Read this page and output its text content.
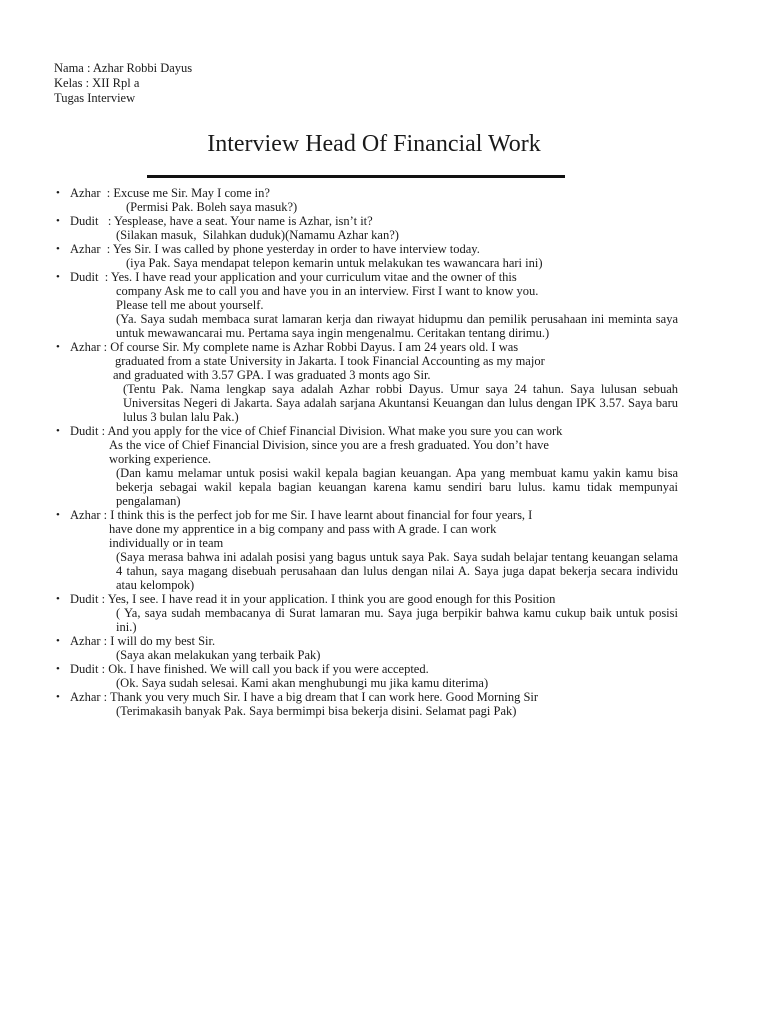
Nama : Azhar Robbi Dayus
Kelas : XII Rpl a
Tugas Interview
Interview Head Of Financial Work
• Azhar  : Excuse me Sir. May I come in?
(Permisi Pak. Boleh saya masuk?)
• Dudit   : Yesplease, have a seat. Your name is Azhar, isn’t it?
(Silakan masuk,  Silahkan duduk)(Namamu Azhar kan?)
• Azhar  : Yes Sir. I was called by phone yesterday in order to have interview today.
(iya Pak. Saya mendapat telepon kemarin untuk melakukan tes wawancara hari ini)
• Dudit  : Yes. I have read your application and your curriculum vitae and the owner of this
company Ask me to call you and have you in an interview. First I want to know you.
Please tell me about yourself.
(Ya. Saya sudah membaca surat lamaran kerja dan riwayat hidupmu dan pemilik perusahaan ini meminta saya untuk mewawancarai mu. Pertama saya ingin mengenalmu. Ceritakan tentang dirimu.)
• Azhar : Of course Sir. My complete name is Azhar Robbi Dayus. I am 24 years old. I was
graduated from a state University in Jakarta. I took Financial Accounting as my major
and graduated with 3.57 GPA. I was graduated 3 monts ago Sir.
(Tentu Pak. Nama lengkap saya adalah Azhar robbi Dayus. Umur saya 24 tahun. Saya lulusan sebuah Universitas Negeri di Jakarta. Saya adalah sarjana Akuntansi Keuangan dan lulus dengan IPK 3.57. Saya baru lulus 3 bulan lalu Pak.)
• Dudit : And you apply for the vice of Chief Financial Division. What make you sure you can work
As the vice of Chief Financial Division, since you are a fresh graduated. You don’t have
working experience.
(Dan kamu melamar untuk posisi wakil kepala bagian keuangan. Apa yang membuat kamu yakin kamu bisa bekerja sebagai wakil kepala bagian keuangan karena kamu sendiri baru lulus. kamu tidak mempunyai pengalaman)
• Azhar : I think this is the perfect job for me Sir. I have learnt about financial for four years, I
have done my apprentice in a big company and pass with A grade. I can work
individually or in team
(Saya merasa bahwa ini adalah posisi yang bagus untuk saya Pak. Saya sudah belajar tentang keuangan selama 4 tahun, saya magang disebuah perusahaan dan lulus dengan nilai A. Saya juga dapat bekerja secara individu atau kelompok)
• Dudit : Yes, I see. I have read it in your application. I think you are good enough for this Position
( Ya, saya sudah membacanya di Surat lamaran mu. Saya juga berpikir bahwa kamu cukup baik untuk posisi ini.)
• Azhar : I will do my best Sir.
(Saya akan melakukan yang terbaik Pak)
• Dudit : Ok. I have finished. We will call you back if you were accepted.
(Ok. Saya sudah selesai. Kami akan menghubungi mu jika kamu diterima)
• Azhar : Thank you very much Sir. I have a big dream that I can work here. Good Morning Sir
(Terimakasih banyak Pak. Saya bermimpi bisa bekerja disini. Selamat pagi Pak)
